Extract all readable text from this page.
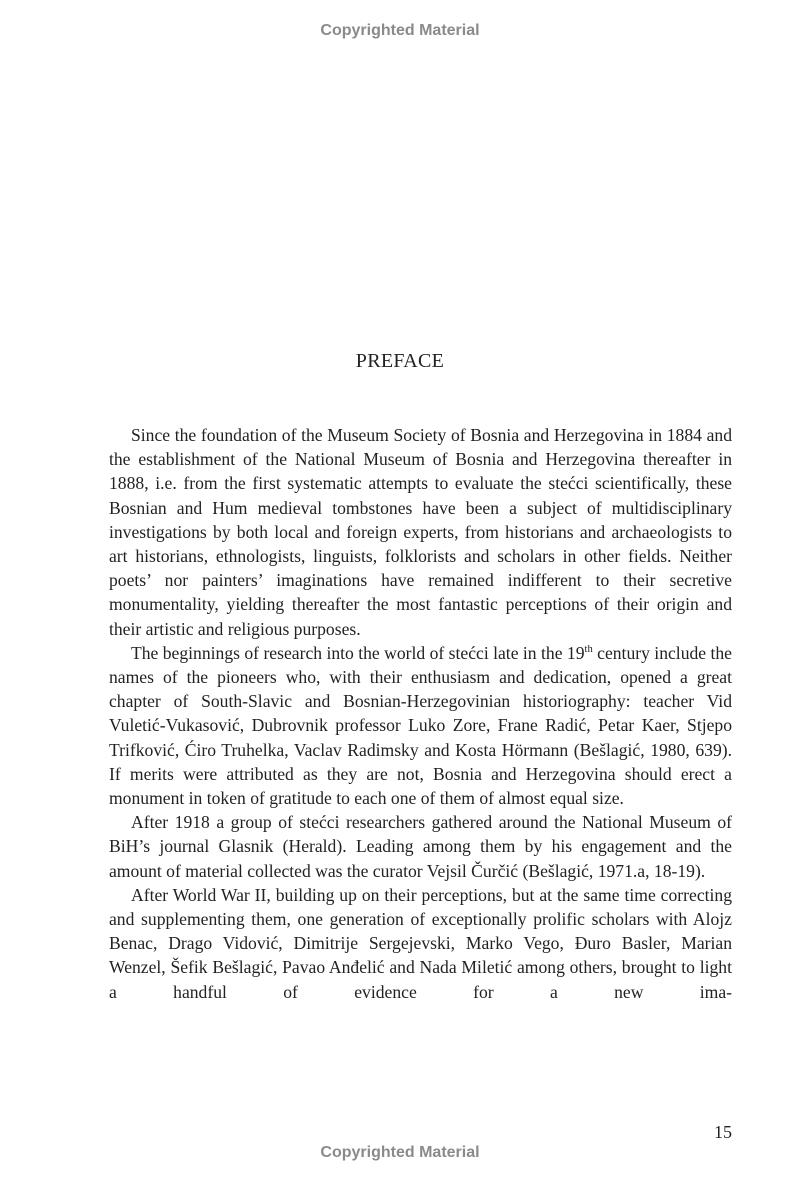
Copyrighted Material
PREFACE

Since the foundation of the Museum Society of Bosnia and Herzegovina in 1884 and the establishment of the National Museum of Bosnia and Herzegovina thereafter in 1888, i.e. from the first systematic attempts to evaluate the stećci scientifically, these Bosnian and Hum medieval tombstones have been a subject of multidisciplinary investigations by both local and foreign experts, from historians and archaeologists to art historians, ethnologists, linguists, folklorists and scholars in other fields. Neither poets’ nor painters’ imaginations have remained indifferent to their secretive monumentality, yielding thereafter the most fantastic perceptions of their origin and their artistic and religious purposes.

The beginnings of research into the world of stećci late in the 19th century include the names of the pioneers who, with their enthusiasm and dedication, opened a great chapter of South-Slavic and Bosnian-Herzegovinian historiography: teacher Vid Vuletić-Vukasović, Dubrovnik professor Luko Zore, Frane Radić, Petar Kaer, Stjepo Trifković, Ćiro Truhelka, Vaclav Radimsky and Kosta Hörmann (Bešlagić, 1980, 639). If merits were attributed as they are not, Bosnia and Herzegovina should erect a monument in token of gratitude to each one of them of almost equal size.

After 1918 a group of stećci researchers gathered around the National Museum of BiH’s journal Glasnik (Herald). Leading among them by his engagement and the amount of material collected was the curator Vejsil Čurčić (Bešlagić, 1971.a, 18-19).

After World War II, building up on their perceptions, but at the same time correcting and supplementing them, one generation of exceptionally prolific scholars with Alojz Benac, Drago Vidović, Dimitrije Sergejevski, Marko Vego, Đuro Basler, Marian Wenzel, Šefik Bešlagić, Pavao Anđelić and Nada Miletić among others, brought to light a handful of evidence for a new ima-

15
Copyrighted Material
